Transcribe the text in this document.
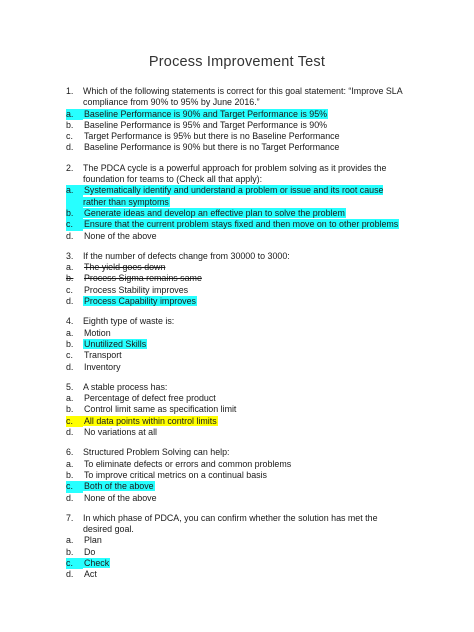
Process Improvement Test
1.	Which of the following statements is correct for this goal statement: “Improve SLA compliance from 90% to 95% by June 2016.”
a.	Baseline Performance is 90% and Target Performance is 95%
b.	Baseline Performance is 95% and Target Performance is 90%
c.	Target Performance is 95% but there is no Baseline Performance
d.	Baseline Performance is 90% but there is no Target Performance
2.	The PDCA cycle is a powerful approach for problem solving as it provides the foundation for teams to (Check all that apply):
a.	Systematically identify and understand a problem or issue and its root cause rather than symptoms
b.	Generate ideas and develop an effective plan to solve the problem
c.	Ensure that the current problem stays fixed and then move on to other problems
d.	None of the above
3.	If the number of defects change from 30000 to 3000:
a.	The yield goes down
b.	Process Sigma remains same
c.	Process Stability improves
d.	Process Capability improves
4.	Eighth type of waste is:
a.	Motion
b.	Unutilized Skills
c.	Transport
d.	Inventory
5.	A stable process has:
a.	Percentage of defect free product
b.	Control limit same as specification limit
c.	All data points within control limits
d.	No variations at all
6.	Structured Problem Solving can help:
a.	To eliminate defects or errors and common problems
b.	To improve critical metrics on a continual basis
c.	Both of the above
d.	None of the above
7.	In which phase of PDCA, you can confirm whether the solution has met the desired goal.
a.	Plan
b.	Do
c.	Check
d.	Act
